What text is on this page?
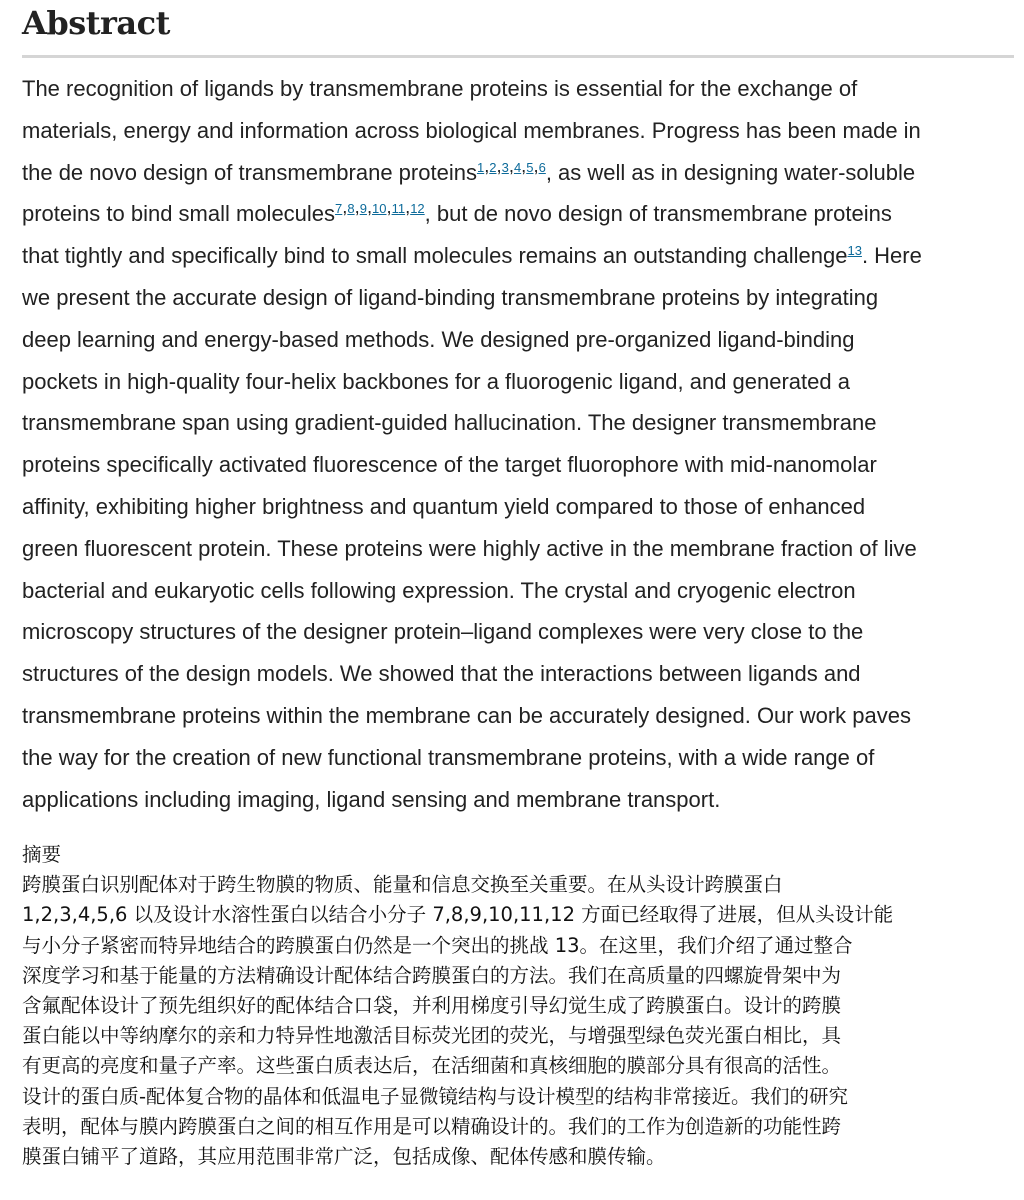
Abstract
The recognition of ligands by transmembrane proteins is essential for the exchange of
materials, energy and information across biological membranes. Progress has been made in
the de novo design of transmembrane proteins$^{1,2,3,4,5,6}$, as well as in designing water-soluble
proteins to bind small molecules$^{7,8,9,10,11,12}$, but de novo design of transmembrane proteins
that tightly and specifically bind to small molecules remains an outstanding challenge$^{13}$. Here
we present the accurate design of ligand-binding transmembrane proteins by integrating
deep learning and energy-based methods. We designed pre-organized ligand-binding
pockets in high-quality four-helix backbones for a fluorogenic ligand, and generated a
transmembrane span using gradient-guided hallucination. The designer transmembrane
proteins specifically activated fluorescence of the target fluorophore with mid-nanomolar
affinity, exhibiting higher brightness and quantum yield compared to those of enhanced
green fluorescent protein. These proteins were highly active in the membrane fraction of live
bacterial and eukaryotic cells following expression. The crystal and cryogenic electron
microscopy structures of the designer protein–ligand complexes were very close to the
structures of the design models. We showed that the interactions between ligands and
transmembrane proteins within the membrane can be accurately designed. Our work paves
the way for the creation of new functional transmembrane proteins, with a wide range of
applications including imaging, ligand sensing and membrane transport.
摘要
跨膜蛋白识别配体对于跨生物膜的物质、能量和信息交换至关重要。在从头设计跨膜蛋白
1,2,3,4,5,6 以及设计水溶性蛋白以结合小分子 7,8,9,10,11,12 方面已经取得了进展，但从头设计能
与小分子紧密而特异地结合的跨膜蛋白仍然是一个突出的挑战 13。在这里，我们介绍了通过整合
深度学习和基于能量的方法精确设计配体结合跨膜蛋白的方法。我们在高质量的四螺旋骨架中为
含氟配体设计了预先组织好的配体结合口袋，并利用梯度引导幻觉生成了跨膜蛋白。设计的跨膜
蛋白能以中等纳摩尔的亲和力特异性地激活目标荧光团的荧光，与增强型绿色荧光蛋白相比，具
有更高的亮度和量子产率。这些蛋白质表达后，在活细菌和真核细胞的膜部分具有很高的活性。
设计的蛋白质-配体复合物的晶体和低温电子显微镜结构与设计模型的结构非常接近。我们的研究
表明，配体与膜内跨膜蛋白之间的相互作用是可以精确设计的。我们的工作为创造新的功能性跨
膜蛋白铺平了道路，其应用范围非常广泛，包括成像、配体传感和膜传输。
